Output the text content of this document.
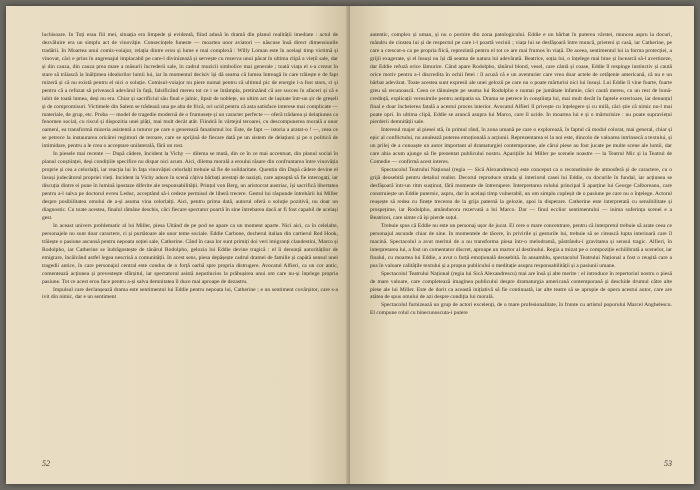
luchisoare. In Toți erau fiii mei, situația era limpede și evidentă, fiind adusă în dramă din planul realității imediate : actul de dezvăluire era un simplu act de vinovăție. Consecințele funeste — moartea unor aviatori — născuse însă direct dimensiunile tradării. In Moartea unui comis-voiajor, relația dintre erou și lume e mai complexă : Willy Loman este în același timp victimă și vinovat, căci e prins în angrenajul implacabil pe care-l divinizează și servește cu rezerva unui păcat în ultima clipă a vieții sale, dar și din cauza, din cauza prea mare a măsurii încrederii sale, în cadrul muzicii simbolice mai generale ; toată viața el s-a crezut în stare să trăiască la înălțimea idealurilor lumii lui, iar în momentul decisiv își dă seama că lumea întreagă în care trăiește e de fapt mizeră și că nu există pentru el nici o soluție. Comisul-voiajor nu piere numai pentru că ultimul pic de energie i-a fost stors, ci și pentru că a refuzat să privească adevărul în față, falsificând mereu tot ce i se întâmpla, pretinzând că are succes în afaceri și că e iubit de toată lumea, deși nu era. Chiar și sacrificiul său final e jalnic, lipsit de noblețe, un ultim act de lașitate într-un șir de greșeli și de compromisuri. Victimele din Salem se trădează una pe alta de frică, ori ucid pentru că asta satisface interese mai complicate — materiale, de grup, etc. Proba — model de tragedie modernă de o frumusețe și un caracter perfecte — oferă trădarea și delațiunea ca fenomen social, cu riscul și dispozitia unei plăți, mai mult decât atât. Fiindcă în vârtejul teroarei, cu descompunerea morală a unor oameni, ea transformă mizeria asistentă a tuturor pe care o generează fanatismul lor. Este, de fapt — istoria a aratat-o ! —, ceea ce se petrece la instaurarea oricărei regimuri de teroare, care se sprijină de fiecare dată pe un sistem de delațiuni și pe o politică de intimidare, pentru a le crea o acceptare unilaterală, fără un rost.

In piesele mai recente — După cădere, Incident la Vichy — dilema se mută, din ce în ce mai accentuat, din planul social în planul conștiinței, deși condițiile specifice nu dispar nici acum. Aici, dilema morală a eroului răsare din confruntarea între vinovăția proprie și cea a celorlalți, iar reacția lui în fața vinovăției celorlalți trebuie să fie de solidaritate. Quentin din După cădere devine el însuși judecătorul propriei vieți. Incident la Vichy aduce în scenă câțiva bărbați arestați de naziști, care așteaptă să fie interogați, iar discuția dintre ei pune în lumină ipostaze diferite ale responsabilității. Prințul von Berg, un aristocrat austriac, își sacrifică libertatea pentru a-l salva pe doctorul evreu Leduc, acceptând să-i cedeze permisul de liberă trecere. Gestul lui răspunde întrebării lui Miller despre posibilitatea omului de a-și asuma vina celorlalți. Aici, pentru prima dată, autorul oferă o soluție pozitivă, nu doar un diagnostic. Cu toate acestea, finalul rămâne deschis, căci fiecare spectator poartă în sine întrebarea dacă ar fi fost capabil de același gest.

In aceast univers problematic al lui Miller, piesa Uitând de pe pod ne apare ca un moment aparte. Nici aici, ca în celelalte, personajele nu sunt doar caractere, ci și purtătoare ale unor teme sociale. Eddie Carbone, docherul italian din cartierul Red Hook, trăiește o pasiune ascunsă pentru nepoata soției sale, Catherine. Când în casa lor sunt primiți doi veri imigranți clandestini, Marco și Rodolpho, iar Catherine se îndrăgostește de tânărul Rodolpho, gelozia lui Eddie devine tragică : el îi denunță autorităților de emigrare, încălcând astfel legea nescrisă a comunității. In acest sens, piesa depășește cadrul dramei de familie și capătă sensul unei tragedii antice, în care personajul central este condus de o forță oarbă spre propria distrugere. Avocatul Alfieri, ca un cor antic, comentează acțiunea și prevestește sfârșitul, iar spectatorul asistă neputincios la prăbușirea unui om care nu-și înțelege propria pasiune. Tot ce acest erou face pentru a-și salva demnitatea îl duce mai aproape de dezastru.

Impulsul care declanșează drama este sentimentul lui Eddie pentru nepoata lui, Catherine ; e un sentiment covârșitor, care s-a ivit din nimic, dar e un sentiment

52

autentic, complex și uman, și nu o pornire din zona patologicului. Eddie e un bărbat în puterea vârstei, muncea aspru la docuri, mândru de cinstea lui și de respectul pe care i-l poartă vecinii ; viața lui se desfășoară între muncă, prieteni și casă, iar Catherine, pe care a crescut-o ca pe propria fiică, reprezintă pentru el tot ce are mai frumos în viață. De aceea, sentimentul lui ia forma protecției, a grijii exagerate, și el însuși nu își dă seama de natura lui adevărată. Beatrice, soția lui, o înțelege mai bine și încearcă să-l avertizeze, dar Eddie refuză orice lămurire. Când apare Rodolpho, tânărul blond, vesel, care cântă și coase, Eddie îl respinge instinctiv și caută orice motiv pentru a-l discredita în ochii fetei : îl acuză că e un aventurier care vrea doar actele de cetățenie americană, că nu e un bărbat adevărat. Toate acestea sunt expresii ale unei gelozii pe care nu o poate mărturisi nici lui însuși. Lui Eddie îi vine foarte, foarte greu să recunoască. Ceea ce tăinuiește pe seama lui Rodolpho e numai pe jumătate infamie, căci cautâ mereu, cu un rest de bună-credință, explicații verosimile pentru antipatia sa. Drama se petrece în conștiința lui, mai mult decât în faptele exterioare, iar denunțul final e doar încheierea fatală a acestui proces interior. Avocatul Alfieri îl privește cu înțelegere și cu milă, căci știe că nimic nu-l mai poate opri. In ultima clipă, Eddie se aruncă asupra lui Marco, care îl ucide. In moartea lui e și o mărturisire : nu poate supraviețui pierderii demnității sale.

Interesul major al piesei stă, în primul rând, în zona umană pe care o explorează, în faptul că modul colorat, mai general, chiar și epic al conflictului, nu anulează puterea emoțională a acțiunii. Reprezentarea ei la noi este, dincolo de valoarea intrinsecă a textului, și un prilej de a cunoaște un autor important al dramaturgiei contemporane, ale cărui piese au fost jucate pe multe scene ale lumii, dar care abia acum ajunge să fie prezentat publicului nostru. Aparițiile lui Miller pe scenele noastre — la Teatrul Mic și la Teatrul de Comedie — confirmă acest interes.

Spectacolul Teatrului Național (regia — Sică Alexandrescu) este conceput ca o reconstituire de atmosferă și de caractere, cu o grijă deosebită pentru detaliul realist. Decorul reproduce strada și interiorul casei lui Eddie, cu docurile în fundal, iar acțiunea se desfășoară într-un ritm susținut, fără momente de întrerupere. Interpretarea rolului principal îi aparține lui George Calboreanu, care construiește un Eddie puternic, aspru, dar în același timp vulnerabil, un om simplu copleșit de o pasiune pe care nu o înțelege. Actorul reușește să redea cu finețe trecerea de la grija paternă la gelozie, apoi la disperare. Catherine este interpretată cu sensibilitate și prospețime, iar Rodolpho, amândurora rezervată a lui Marco. Dar — finul ecclior sentimentului — inima suferința scenei e a Beatricei, care simte că își pierde soțul.

Trebuie spus că Eddie nu este un personaj ușor de jucat. El cere o mare concentrare, pentru că interpretul trebuie să arate ceea ce personajul ascunde chiar de sine. In momentele de tăcere, în privirile și gesturile lui, trebuie să se citească lupta interioară care îl macină. Spectacolul a avut meritul de a nu transforma piesa într-o melodramă, păstrându-i gravitatea și sensul tragic. Alfieri, în interpretarea lui, a fost un comentator discret, aproape un martor al destinului. Regia a mizat pe o compoziție echilibrată a scenelor, iar finalul, cu moartea lui Eddie, a avut o forță emoțională deosebită. In ansamblu, spectacolul Teatrului Național a fost o reușită care a pus în valoare calitățile textului și a propus publicului o meditație asupra responsabilității și a pasiunii umane.

Spectacolul Teatrului Național (regia lui Sică Alexandrescu) mai are însă și alte merite : el introduce în repertoriul nostru o piesă de mare valoare, care completează imaginea publicului despre dramaturgia americană contemporană și deschide drumul către alte piese ale lui Miller. Este de dorit ca această inițiativă să fie continuată, iar alte teatre să se apropie de opera acestui autor, care are atâtea de spus omului de azi despre condiția lui morală.

Spectacolul furnizează un grup de actori excelenți, de o mare profesionalitate, în frunte cu artistul poporului Marcel Anghelescu. El compune rolul cu binecunoscuta-i putere

53
